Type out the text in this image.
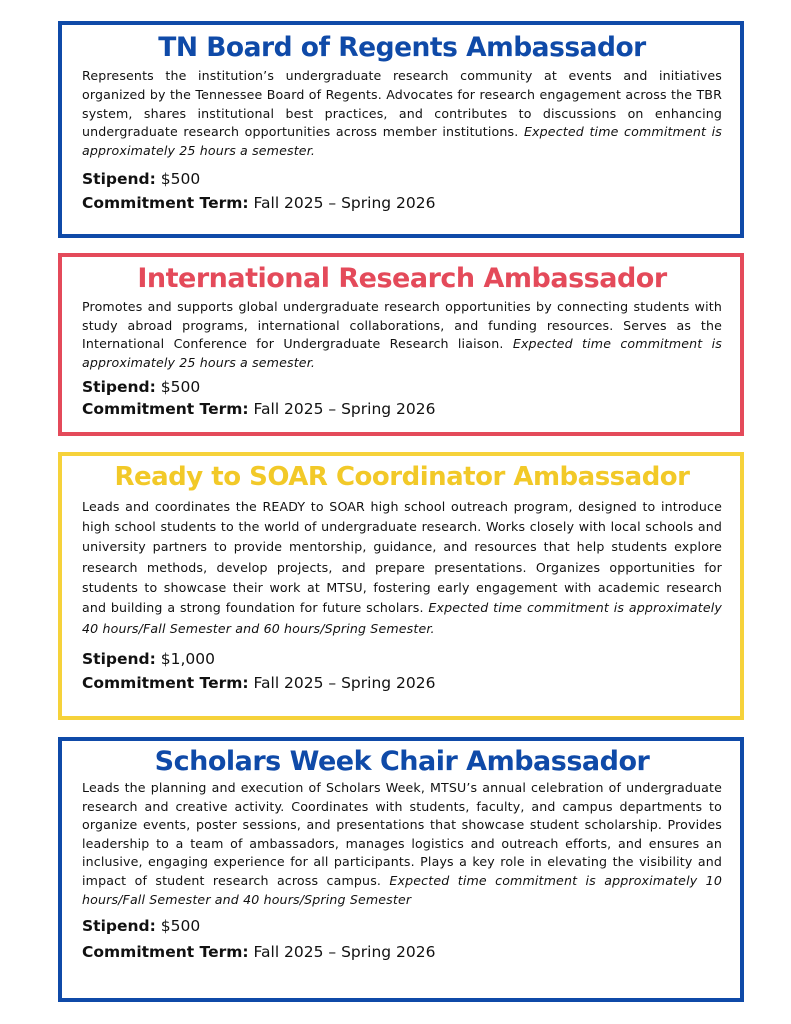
TN Board of Regents Ambassador

Represents the institution’s undergraduate research community at events and initiatives organized by the Tennessee Board of Regents. Advocates for research engagement across the TBR system, shares institutional best practices, and contributes to discussions on enhancing undergraduate research opportunities across member institutions. Expected time commitment is approximately 25 hours a semester.

Stipend: $500

Commitment Term: Fall 2025 – Spring 2026

International Research Ambassador

Promotes and supports global undergraduate research opportunities by connecting students with study abroad programs, international collaborations, and funding resources. Serves as the International Conference for Undergraduate Research liaison. Expected time commitment is approximately 25 hours a semester.

Stipend: $500

Commitment Term: Fall 2025 – Spring 2026

Ready to SOAR Coordinator Ambassador

Leads and coordinates the READY to SOAR high school outreach program, designed to introduce high school students to the world of undergraduate research. Works closely with local schools and university partners to provide mentorship, guidance, and resources that help students explore research methods, develop projects, and prepare presentations. Organizes opportunities for students to showcase their work at MTSU, fostering early engagement with academic research and building a strong foundation for future scholars. Expected time commitment is approximately 40 hours/Fall Semester and 60 hours/Spring Semester.

Stipend: $1,000

Commitment Term: Fall 2025 – Spring 2026

Scholars Week Chair Ambassador

Leads the planning and execution of Scholars Week, MTSU’s annual celebration of undergraduate research and creative activity. Coordinates with students, faculty, and campus departments to organize events, poster sessions, and presentations that showcase student scholarship. Provides leadership to a team of ambassadors, manages logistics and outreach efforts, and ensures an inclusive, engaging experience for all participants. Plays a key role in elevating the visibility and impact of student research across campus. Expected time commitment is approximately 10 hours/Fall Semester and 40 hours/Spring Semester

Stipend: $500

Commitment Term: Fall 2025 – Spring 2026
